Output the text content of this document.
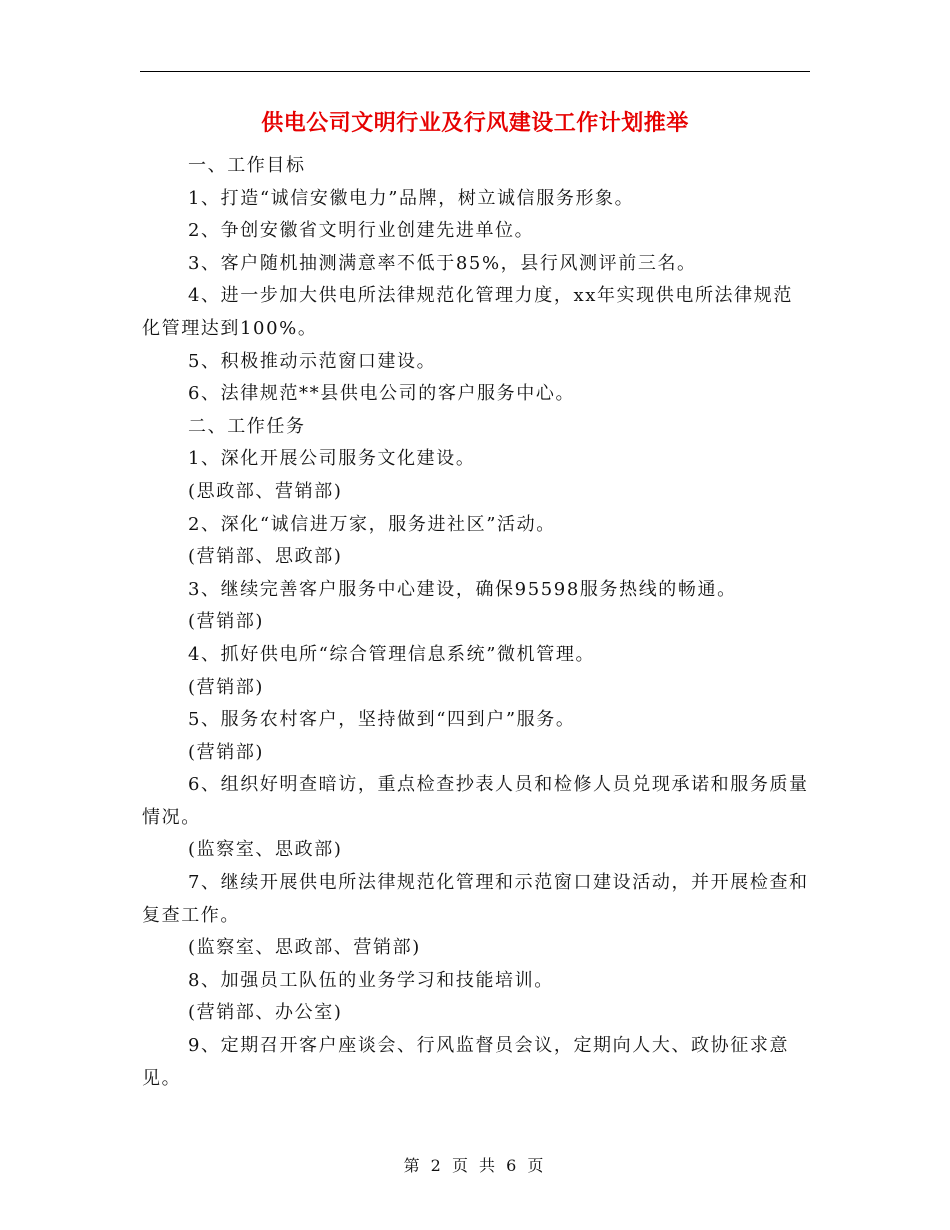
供电公司文明行业及行风建设工作计划推举

一、工作目标

1、打造“诚信安徽电力”品牌，树立诚信服务形象。

2、争创安徽省文明行业创建先进单位。

3、客户随机抽测满意率不低于85%，县行风测评前三名。

4、进一步加大供电所法律规范化管理力度，xx年实现供电所法律规范化管理达到100%。

5、积极推动示范窗口建设。

6、法律规范**县供电公司的客户服务中心。

二、工作任务

1、深化开展公司服务文化建设。

(思政部、营销部)

2、深化“诚信进万家，服务进社区”活动。

(营销部、思政部)

3、继续完善客户服务中心建设，确保95598服务热线的畅通。

(营销部)

4、抓好供电所“综合管理信息系统”微机管理。

(营销部)

5、服务农村客户，坚持做到“四到户”服务。

(营销部)

6、组织好明查暗访，重点检查抄表人员和检修人员兑现承诺和服务质量情况。

(监察室、思政部)

7、继续开展供电所法律规范化管理和示范窗口建设活动，并开展检查和复查工作。

(监察室、思政部、营销部)

8、加强员工队伍的业务学习和技能培训。

(营销部、办公室)

9、定期召开客户座谈会、行风监督员会议，定期向人大、政协征求意见。

第 2 页 共 6 页
